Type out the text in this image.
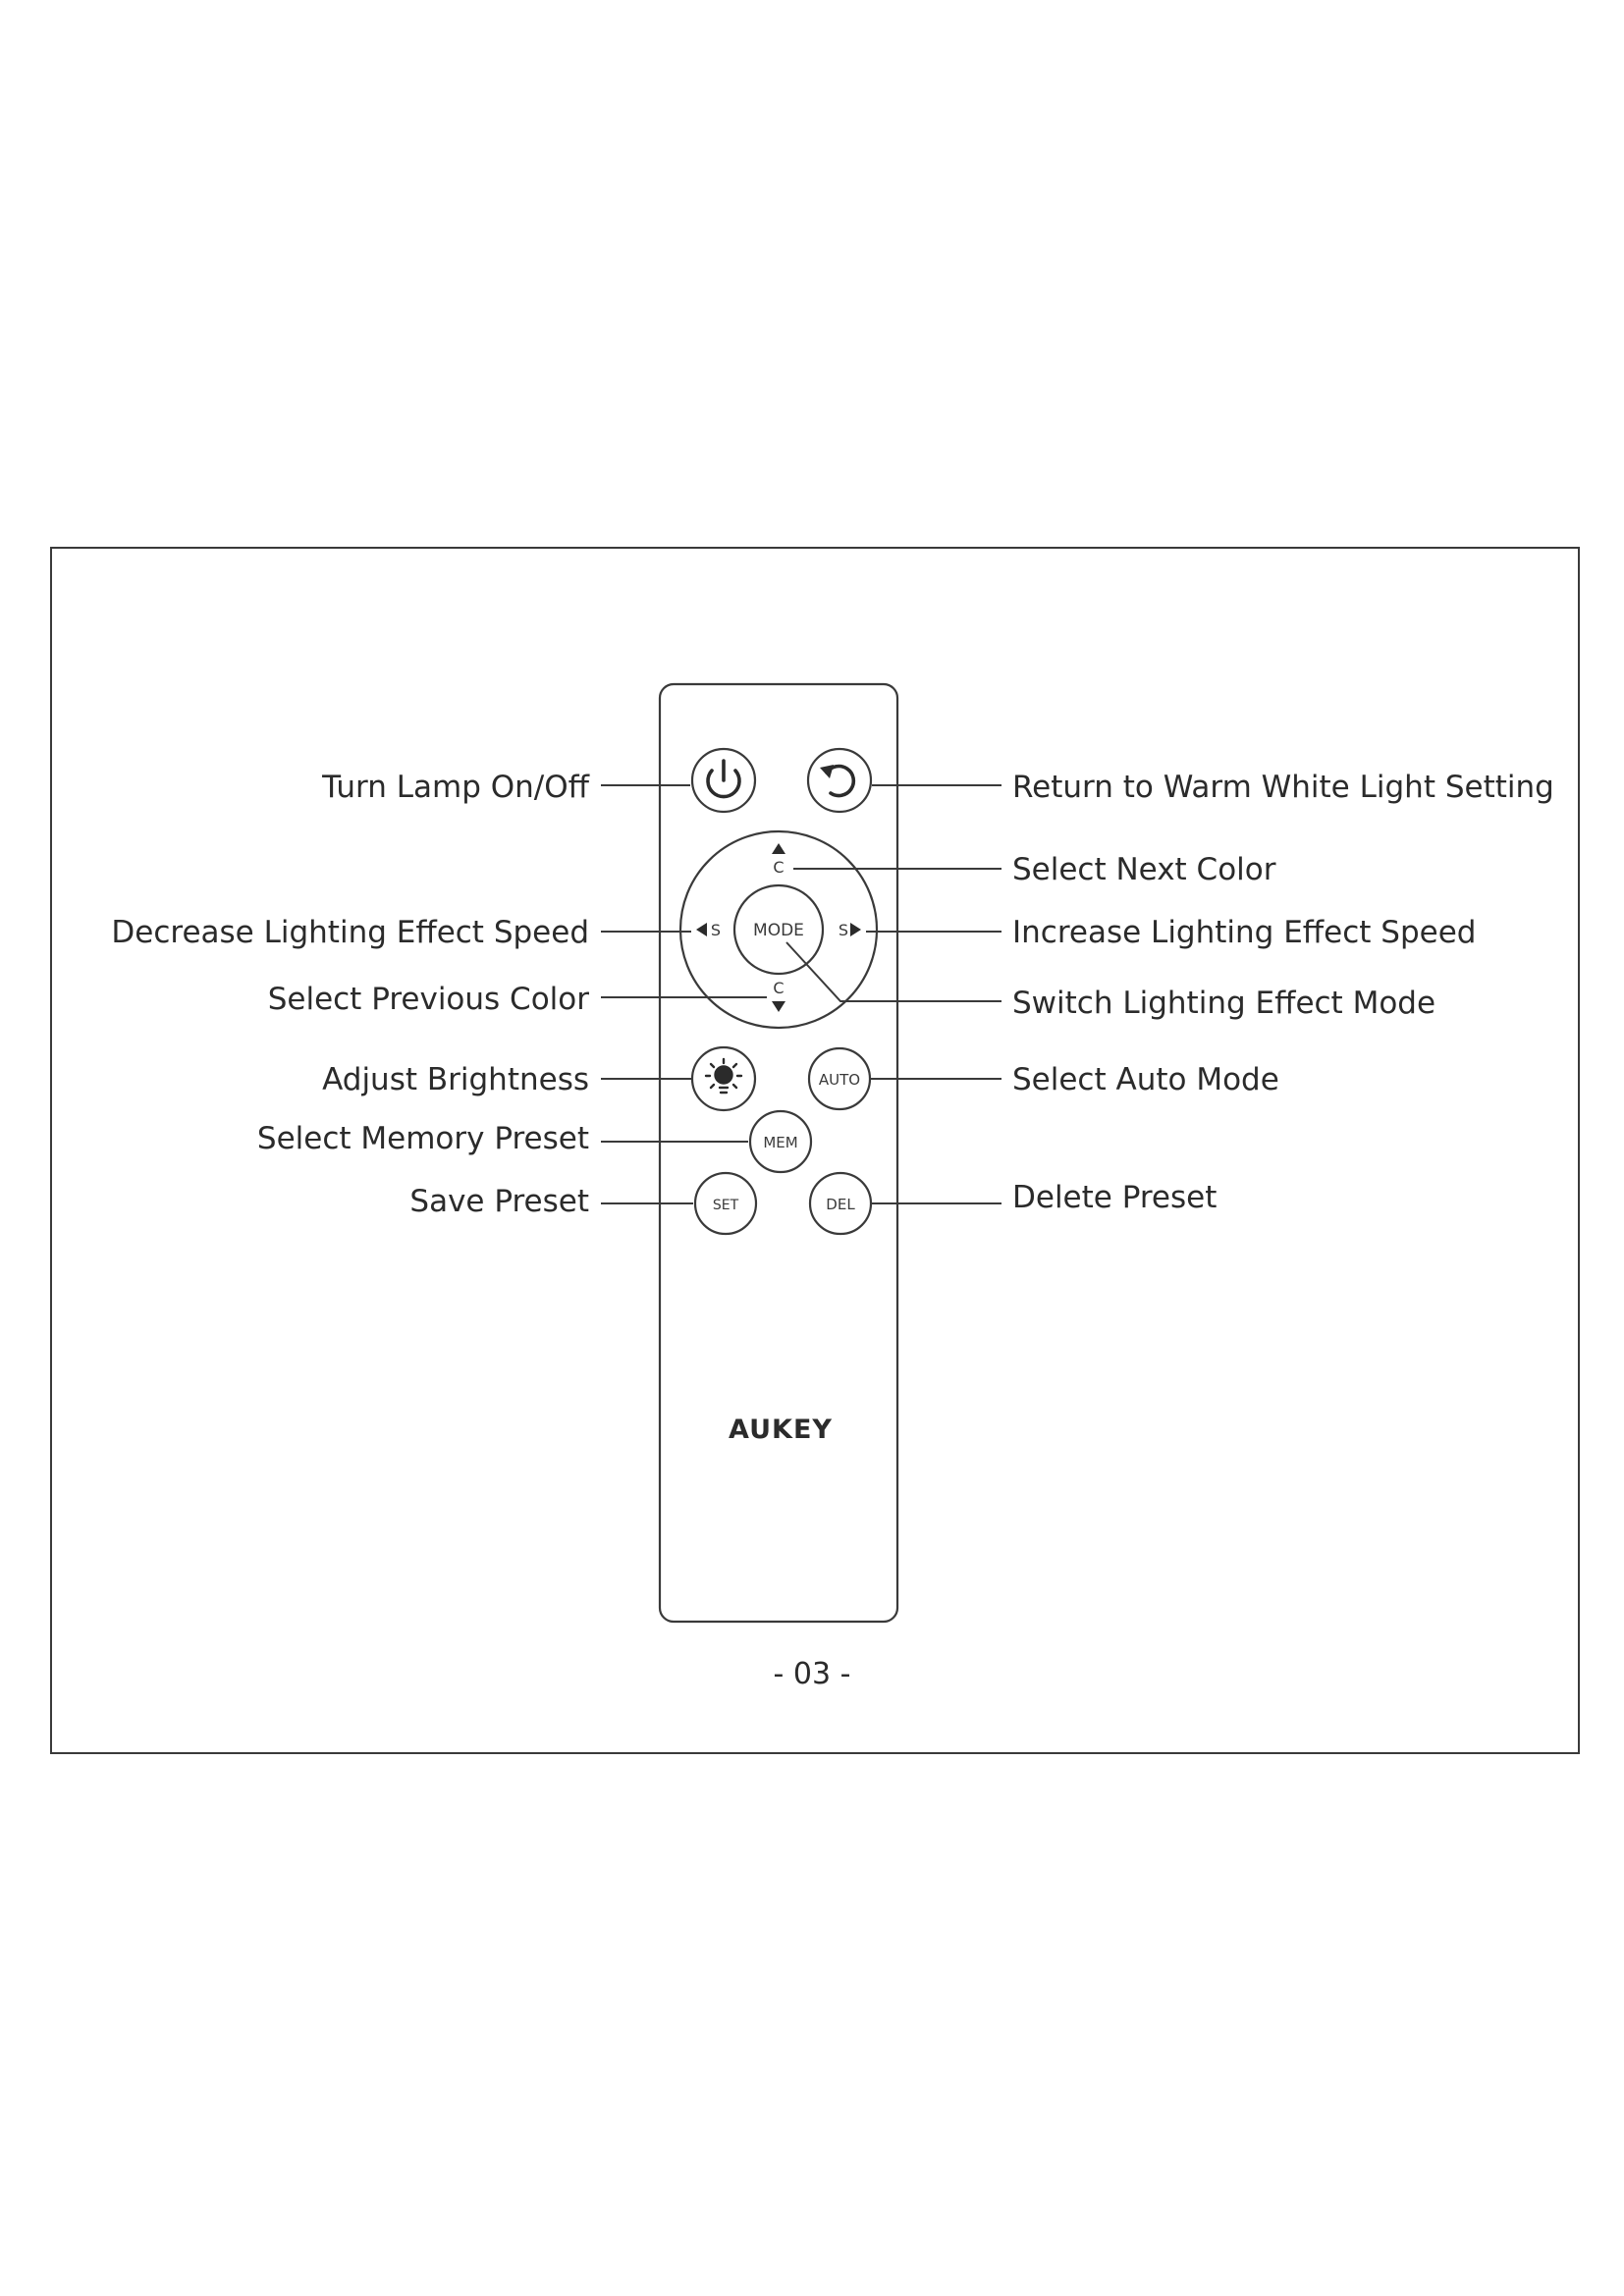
MODE
C
C
S	S
AUTO
MEM
SET	DEL
AUKEY
Turn Lamp On/Off
Decrease Lighting Effect Speed
Select Previous Color
Adjust Brightness
Select Memory Preset
Save Preset
Return to Warm White Light Setting
Select Next Color
Increase Lighting Effect Speed
Switch Lighting Effect Mode
Select Auto Mode
Delete Preset
- 03 -
